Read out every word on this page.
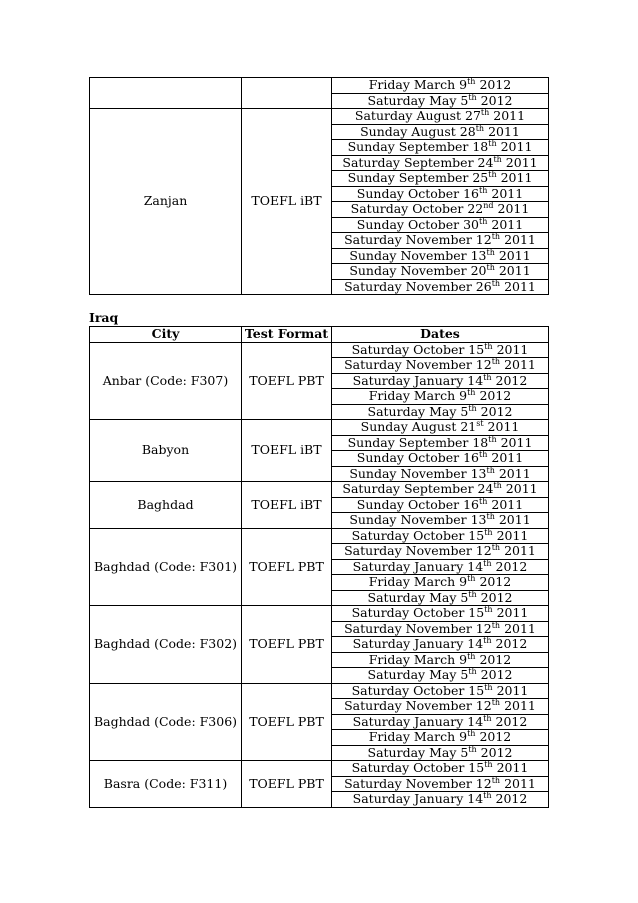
		Friday March 9th 2012
		Saturday May 5th 2012
Zanjan	TOEFL iBT	Saturday August 27th 2011
		Sunday August 28th 2011
		Sunday September 18th 2011
		Saturday September 24th 2011
		Sunday September 25th 2011
		Sunday October 16th 2011
		Saturday October 22nd 2011
		Sunday October 30th 2011
		Saturday November 12th 2011
		Sunday November 13th 2011
		Sunday November 20th 2011
		Saturday November 26th 2011
Iraq
City	Test Format	Dates
Anbar (Code: F307)	TOEFL PBT	Saturday October 15th 2011
		Saturday November 12th 2011
		Saturday January 14th 2012
		Friday March 9th 2012
		Saturday May 5th 2012
Babyon	TOEFL iBT	Sunday August 21st 2011
		Sunday September 18th 2011
		Sunday October 16th 2011
		Sunday November 13th 2011
Baghdad	TOEFL iBT	Saturday September 24th 2011
		Sunday October 16th 2011
		Sunday November 13th 2011
Baghdad (Code: F301)	TOEFL PBT	Saturday October 15th 2011
		Saturday November 12th 2011
		Saturday January 14th 2012
		Friday March 9th 2012
		Saturday May 5th 2012
Baghdad (Code: F302)	TOEFL PBT	Saturday October 15th 2011
		Saturday November 12th 2011
		Saturday January 14th 2012
		Friday March 9th 2012
		Saturday May 5th 2012
Baghdad (Code: F306)	TOEFL PBT	Saturday October 15th 2011
		Saturday November 12th 2011
		Saturday January 14th 2012
		Friday March 9th 2012
		Saturday May 5th 2012
Basra (Code: F311)	TOEFL PBT	Saturday October 15th 2011
		Saturday November 12th 2011
		Saturday January 14th 2012
